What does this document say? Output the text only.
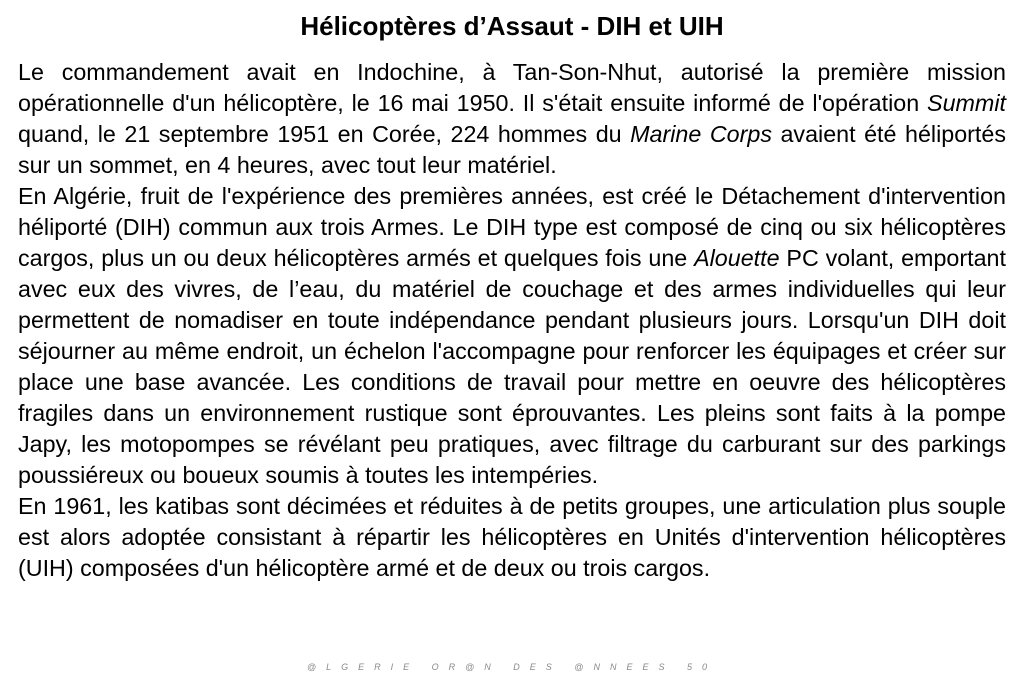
Hélicoptères d’Assaut - DIH et UIH

Le commandement avait en Indochine, à Tan-Son-Nhut, autorisé la première mission opérationnelle d'un hélicoptère, le 16 mai 1950. Il s'était ensuite informé de l'opération Summit quand, le 21 septembre 1951 en Corée, 224 hommes du Marine Corps avaient été héliportés sur un sommet, en 4 heures, avec tout leur matériel.

En Algérie, fruit de l'expérience des premières années, est créé le Détachement d'intervention héliporté (DIH) commun aux trois Armes. Le DIH type est composé de cinq ou six hélicoptères cargos, plus un ou deux hélicoptères armés et quelques fois une Alouette PC volant, emportant avec eux des vivres, de l’eau, du matériel de couchage et des armes individuelles qui leur permettent de nomadiser en toute indépendance pendant plusieurs jours. Lorsqu'un DIH doit séjourner au même endroit, un échelon l'accompagne pour renforcer les équipages et créer sur place une base avancée. Les conditions de travail pour mettre en oeuvre des hélicoptères fragiles dans un environnement rustique sont éprouvantes. Les pleins sont faits à la pompe Japy, les motopompes se révélant peu pratiques, avec filtrage du carburant sur des parkings poussiéreux ou boueux soumis à toutes les intempéries.

En 1961, les katibas sont décimées et réduites à de petits groupes, une articulation plus souple est alors adoptée consistant à répartir les hélicoptères en Unités d'intervention hélicoptères (UIH) composées d'un hélicoptère armé et de deux ou trois cargos.

@LGERIE OR@N DES @NNEES 50
